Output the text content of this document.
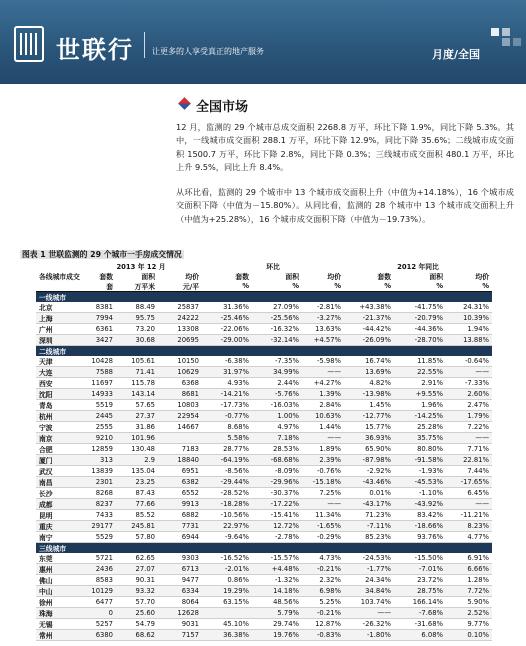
世联行 让更多的人享受真正的地产服务	月度/全国
全国市场
12 月，监测的 29 个城市总成交面积 2268.8 万平，环比下降 1.9%，同比下降 5.3%。其中，一线城市成交面积 288.1 万平，环比下降 12.9%，同比下降 35.6%；二线城市成交面积 1500.7 万平，环比下降 2.8%，同比下降 0.3%；三线城市成交面积 480.1 万平，环比上升 9.5%，同比上升 8.4%。
从环比看，监测的 29 个城市中 13 个城市成交面积上升（中值为+14.18%），16 个城市成交面积下降（中值为－15.80%）。从同比看，监测的 28 个城市中 13 个城市成交面积上升（中值为+25.28%），16 个城市成交面积下降（中值为－19.73%）。
图表 1 世联监测的 29 个城市一手房成交情况
各线城市成交	2013 年 12 月			环比			2012 年同比		
	套数	面积	均价	套数	面积	均价	套数	面积	均价
	套	万平米	元/平	%	%	%	%	%	%
一线城市									
北京	8381	88.49	25837	31.36%	27.09%	-2.81%	+43.38%	-41.75%	24.31%
上海	7994	95.75	24222	-25.46%	-25.56%	-3.27%	-21.37%	-20.79%	10.39%
广州	6361	73.20	13308	-22.06%	-16.32%	13.63%	-44.42%	-44.36%	1.94%
深圳	3427	30.68	20695	-29.00%	-32.14%	+4.57%	-26.09%	-28.70%	13.88%
二线城市									
天津	10428	105.61	10150	-6.38%	-7.35%	-5.98%	16.74%	11.85%	-0.64%
大连	7588	71.41	10629	31.97%	34.99%	——	13.69%	22.55%	——
西安	11697	115.78	6368	4.93%	2.44%	+4.27%	4.82%	2.91%	-7.33%
沈阳	14933	143.14	8681	-14.21%	-5.76%	1.39%	-13.98%	+9.55%	2.60%
青岛	5519	57.65	10803	-17.73%	-16.03%	2.84%	1.45%	1.96%	2.47%
杭州	2445	27.37	22954	-0.77%	1.00%	10.63%	-12.77%	-14.25%	1.79%
宁波	2555	31.86	14667	8.68%	4.97%	1.44%	15.77%	25.28%	7.22%
南京	9210	101.96		5.58%	7.18%	——	36.93%	35.75%	——
合肥	12859	130.48	7183	28.77%	28.53%	1.89%	65.90%	80.80%	7.71%
厦门	313	2.9	18840	-64.19%	-68.68%	2.39%	-87.98%	-91.58%	22.81%
武汉	13839	135.04	6951	-8.56%	-8.09%	-0.76%	-2.92%	-1.93%	7.44%
南昌	2301	23.25	6382	-29.44%	-29.96%	-15.18%	-43.46%	-45.53%	-17.65%
长沙	8268	87.43	6552	-28.52%	-30.37%	7.25%	0.01%	-1.10%	6.45%
成都	8237	77.66	9913	-18.28%	-17.22%	——	-43.17%	-43.92%	——
昆明	7433	85.52	6882	-10.56%	-15.41%	11.34%	71.23%	83.42%	-11.21%
重庆	29177	245.81	7731	22.97%	12.72%	-1.65%	-7.11%	-18.66%	8.23%
南宁	5529	57.80	6944	-9.64%	-2.78%	-0.29%	85.23%	93.76%	4.77%
三线城市									
东莞	5721	62.65	9303	-16.52%	-15.57%	4.73%	-24.53%	-15.50%	6.91%
惠州	2436	27.07	6713	-2.01%	+4.48%	-0.21%	-1.77%	-7.01%	6.66%
佛山	8583	90.31	9477	0.86%	-1.32%	2.32%	24.34%	23.72%	1.28%
中山	10129	93.32	6334	19.29%	14.18%	6.98%	34.84%	28.75%	7.72%
徐州	6477	57.70	8064	63.15%	48.56%	5.25%	103.74%	166.14%	5.90%
珠海	0	25.60	12628		5.79%	-0.21%	——	-7.68%	2.52%
无锡	5257	54.79	9031	45.10%	29.74%	12.87%	-26.32%	-31.68%	9.77%
常州	6380	68.62	7157	36.38%	19.76%	-0.83%	-1.80%	6.08%	0.10%
